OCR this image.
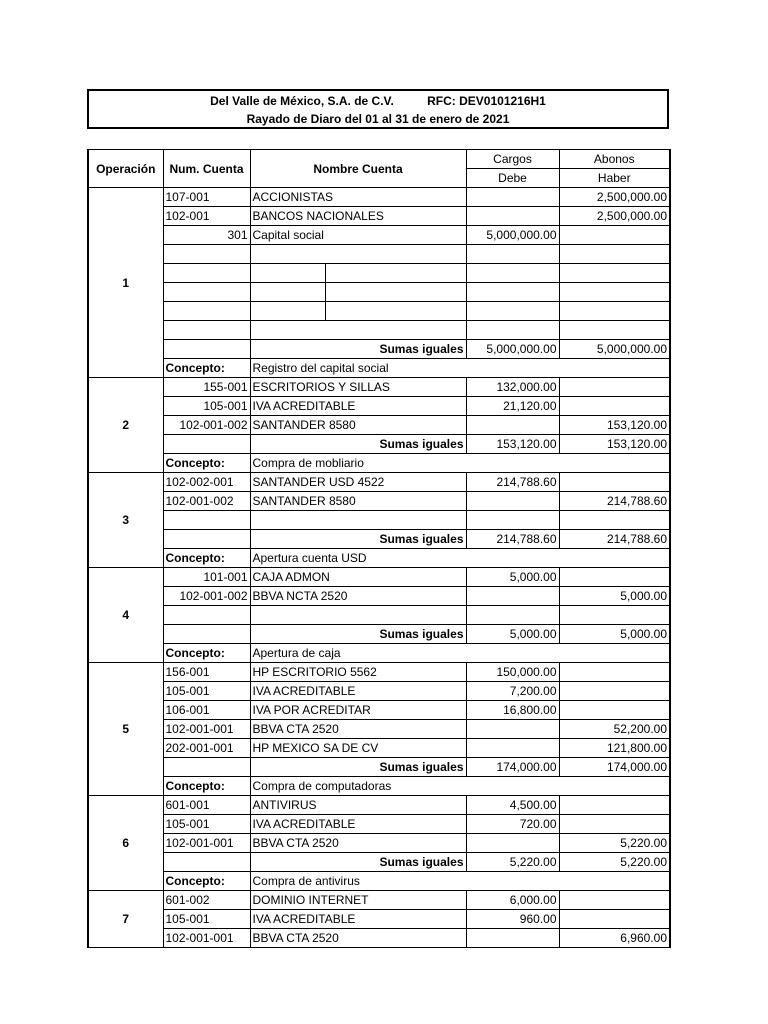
Del Valle de México, S.A. de C.V.	RFC: DEV0101216H1
Rayado de Diaro del 01 al 31 de enero de 2021
Operación	Num. Cuenta	Nombre Cuenta		Cargos	Abonos
				Debe	Haber
1	107-001	ACCIONISTAS			2,500,000.00
	102-001	BANCOS NACIONALES			2,500,000.00
	301	Capital social		5,000,000.00	

		Sumas iguales		5,000,000.00	5,000,000.00
	Concepto:	Registro del capital social			
2	155-001	ESCRITORIOS Y SILLAS		132,000.00	
	105-001	IVA ACREDITABLE		21,120.00	
	102-001-002	SANTANDER 8580			153,120.00
		Sumas iguales		153,120.00	153,120.00
	Concepto:	Compra de mobliario			
3	102-002-001	SANTANDER USD 4522		214,788.60	
	102-001-002	SANTANDER 8580			214,788.60

		Sumas iguales		214,788.60	214,788.60
	Concepto:	Apertura cuenta USD			
4	101-001	CAJA ADMON		5,000.00	
	102-001-002	BBVA NCTA 2520			5,000.00

		Sumas iguales		5,000.00	5,000.00
	Concepto:	Apertura de caja			
5	156-001	HP ESCRITORIO 5562		150,000.00	
	105-001	IVA ACREDITABLE		7,200.00	
	106-001	IVA POR ACREDITAR		16,800.00	
	102-001-001	BBVA CTA 2520			52,200.00
	202-001-001	HP MEXICO SA DE CV			121,800.00
		Sumas iguales		174,000.00	174,000.00
	Concepto:	Compra de computadoras			
6	601-001	ANTIVIRUS		4,500.00	
	105-001	IVA ACREDITABLE		720.00	
	102-001-001	BBVA CTA 2520			5,220.00
		Sumas iguales		5,220.00	5,220.00
	Concepto:	Compra de antivirus			
7	601-002	DOMINIO INTERNET		6,000.00	
	105-001	IVA ACREDITABLE		960.00	
	102-001-001	BBVA CTA 2520			6,960.00
